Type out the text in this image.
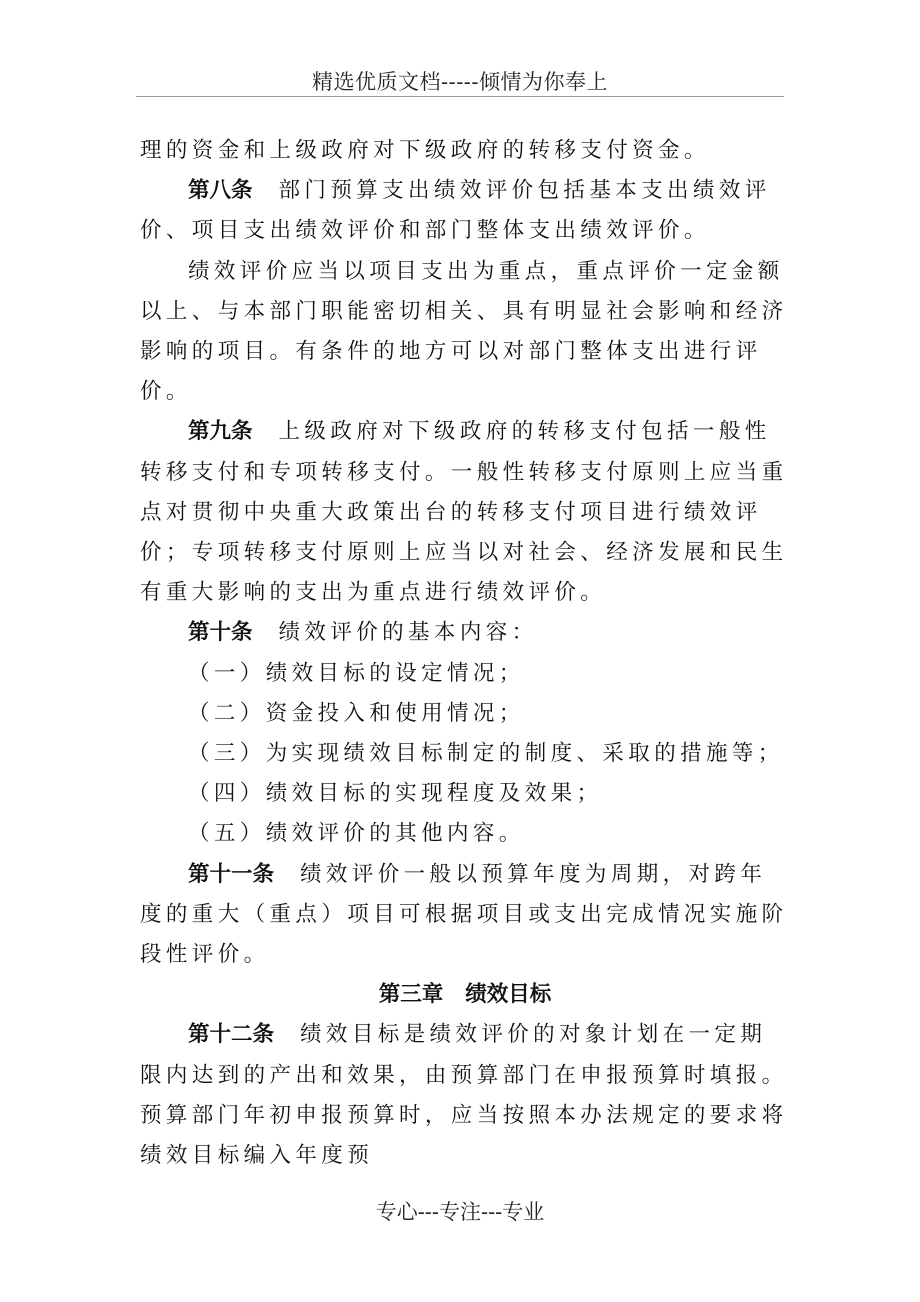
精选优质文档-----倾情为你奉上

理的资金和上级政府对下级政府的转移支付资金。

第八条 部门预算支出绩效评价包括基本支出绩效评价、项目支出绩效评价和部门整体支出绩效评价。

绩效评价应当以项目支出为重点，重点评价一定金额以上、与本部门职能密切相关、具有明显社会影响和经济影响的项目。有条件的地方可以对部门整体支出进行评价。

第九条 上级政府对下级政府的转移支付包括一般性转移支付和专项转移支付。一般性转移支付原则上应当重点对贯彻中央重大政策出台的转移支付项目进行绩效评价；专项转移支付原则上应当以对社会、经济发展和民生有重大影响的支出为重点进行绩效评价。

第十条 绩效评价的基本内容：

（一）绩效目标的设定情况；

（二）资金投入和使用情况；

（三）为实现绩效目标制定的制度、采取的措施等；

（四）绩效目标的实现程度及效果；

（五）绩效评价的其他内容。

第十一条 绩效评价一般以预算年度为周期，对跨年度的重大（重点）项目可根据项目或支出完成情况实施阶段性评价。

第三章 绩效目标

第十二条 绩效目标是绩效评价的对象计划在一定期限内达到的产出和效果，由预算部门在申报预算时填报。预算部门年初申报预算时，应当按照本办法规定的要求将绩效目标编入年度预

专心---专注---专业
